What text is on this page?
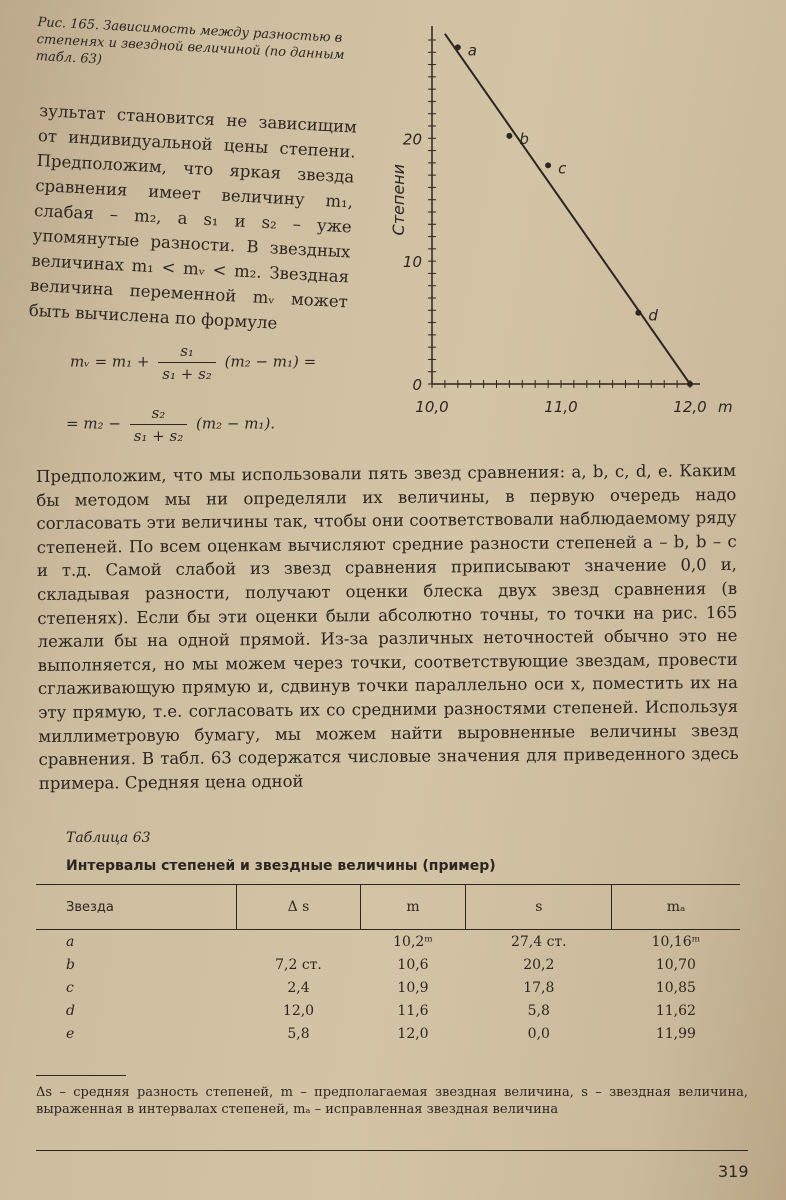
Рис. 165. Зависимость между разностью в степенях и звездной величиной (по данным табл. 63)
зультат становится не зависищим от индивидуальной цены степени. Предположим, что яркая звезда сравнения имеет величину m₁, слабая – m₂, а s₁ и s₂ – уже упомянутые разности. В звездных величинах m₁ < mᵥ < m₂. Звездная величина переменной mᵥ может быть вычислена по формуле
mᵥ = $m_1 + \frac{\text{s₁}}{\text{s₁ + s₂}} (m_2 - m_1)$ =
= $m_2 - \frac{\text{s₂}}{\text{s₁ + s₂}} (m_2 - m_1)$.
10,0	11,0	12,0 m
0
10
20
Степени
a
b
c
d

Предположим, что мы использовали пять звезд сравнения: a, b, c, d, e. Каким бы методом мы ни определяли их величины, в первую очередь надо согласовать эти величины так, чтобы они соответствовали наблюдаемому ряду степеней. По всем оценкам вычисляют средние разности степеней a – b, b – c и т.д. Самой слабой из звезд сравнения приписывают значение 0,0 и, складывая разности, получают оценки блеска двух звезд сравнения (в степенях). Если бы эти оценки были абсолютно точны, то точки на рис. 165 лежали бы на одной прямой. Из-за различных неточностей обычно это не выполняется, но мы можем через точки, соответствующие звездам, провести сглаживающую прямую и, сдвинув точки параллельно оси x, поместить их на эту прямую, т.е. согласовать их со средними разностями степеней. Используя миллиметровую бумагу, мы можем найти выровненные величины звезд сравнения. В табл. 63 содержатся числовые значения для приведенного здесь примера. Средняя цена одной

Таблица 63
Интервалы степеней и звездные величины (пример)
Звезда	Δ s	m	s	mₐ
a		10,2ᵐ	27,4 ст.	10,16ᵐ
b	7,2 ст.	10,6	20,2	10,70
c	2,4	10,9	17,8	10,85
d	12,0	11,6	5,8	11,62
e	5,8	12,0	0,0	11,99
Δs – средняя разность степеней, m – предполагаемая звездная величина, s – звездная величина, выраженная в интервалах степеней, mₐ – исправленная звездная величина
319
